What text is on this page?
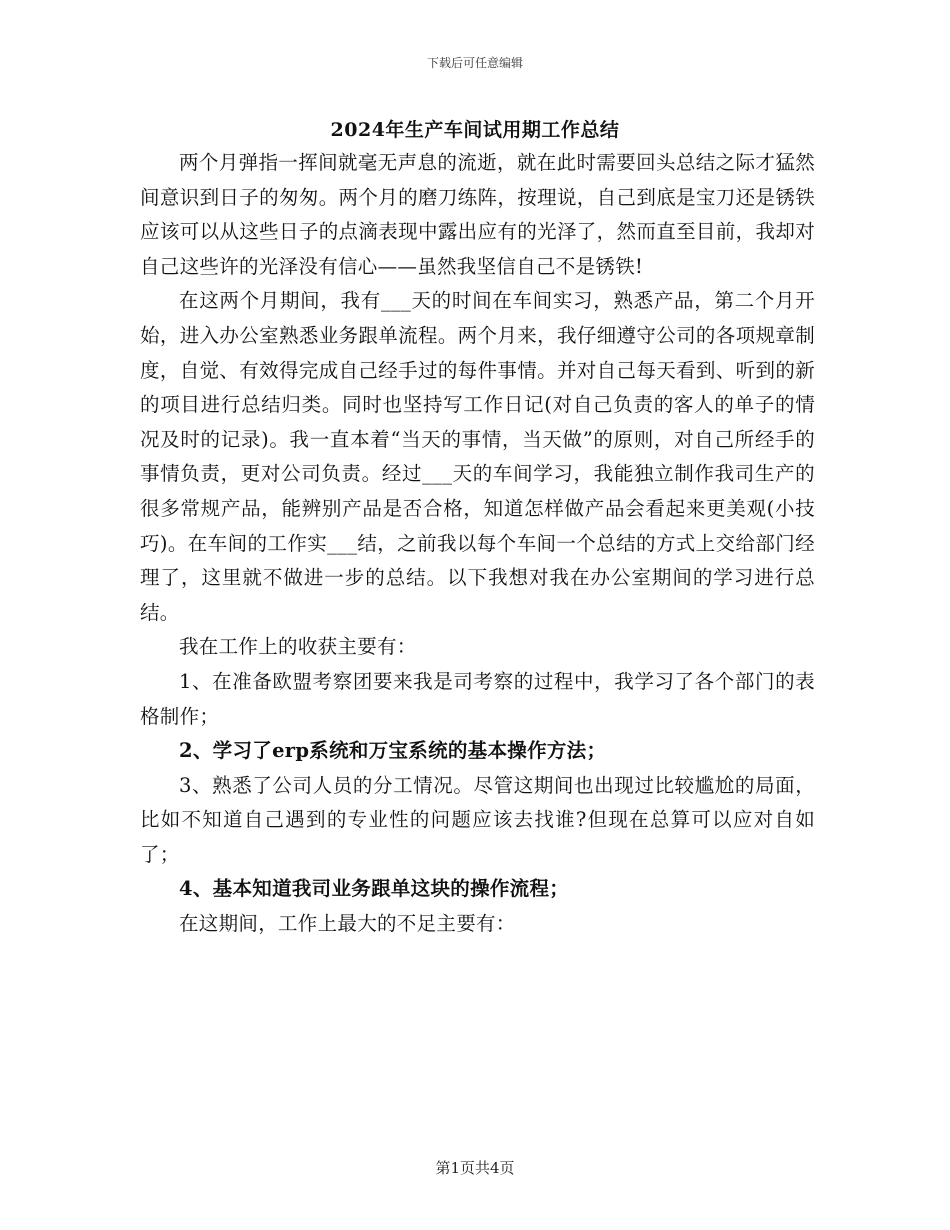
下载后可任意编辑
2024年生产车间试用期工作总结

两个月弹指一挥间就毫无声息的流逝，就在此时需要回头总结之际才猛然间意识到日子的匆匆。两个月的磨刀练阵，按理说，自己到底是宝刀还是锈铁应该可以从这些日子的点滴表现中露出应有的光泽了，然而直至目前，我却对自己这些许的光泽没有信心——虽然我坚信自己不是锈铁!

在这两个月期间，我有___天的时间在车间实习，熟悉产品，第二个月开始，进入办公室熟悉业务跟单流程。两个月来，我仔细遵守公司的各项规章制度，自觉、有效得完成自己经手过的每件事情。并对自己每天看到、听到的新的项目进行总结归类。同时也坚持写工作日记(对自己负责的客人的单子的情况及时的记录)。我一直本着“当天的事情，当天做”的原则，对自己所经手的事情负责，更对公司负责。经过___天的车间学习，我能独立制作我司生产的很多常规产品，能辨别产品是否合格，知道怎样做产品会看起来更美观(小技巧)。在车间的工作实___结，之前我以每个车间一个总结的方式上交给部门经理了，这里就不做进一步的总结。以下我想对我在办公室期间的学习进行总结。

我在工作上的收获主要有：

1、在准备欧盟考察团要来我是司考察的过程中，我学习了各个部门的表格制作；

2、学习了erp系统和万宝系统的基本操作方法；

3、熟悉了公司人员的分工情况。尽管这期间也出现过比较尴尬的局面，比如不知道自己遇到的专业性的问题应该去找谁?但现在总算可以应对自如了；

4、基本知道我司业务跟单这块的操作流程；

在这期间，工作上最大的不足主要有：

第1页共4页
